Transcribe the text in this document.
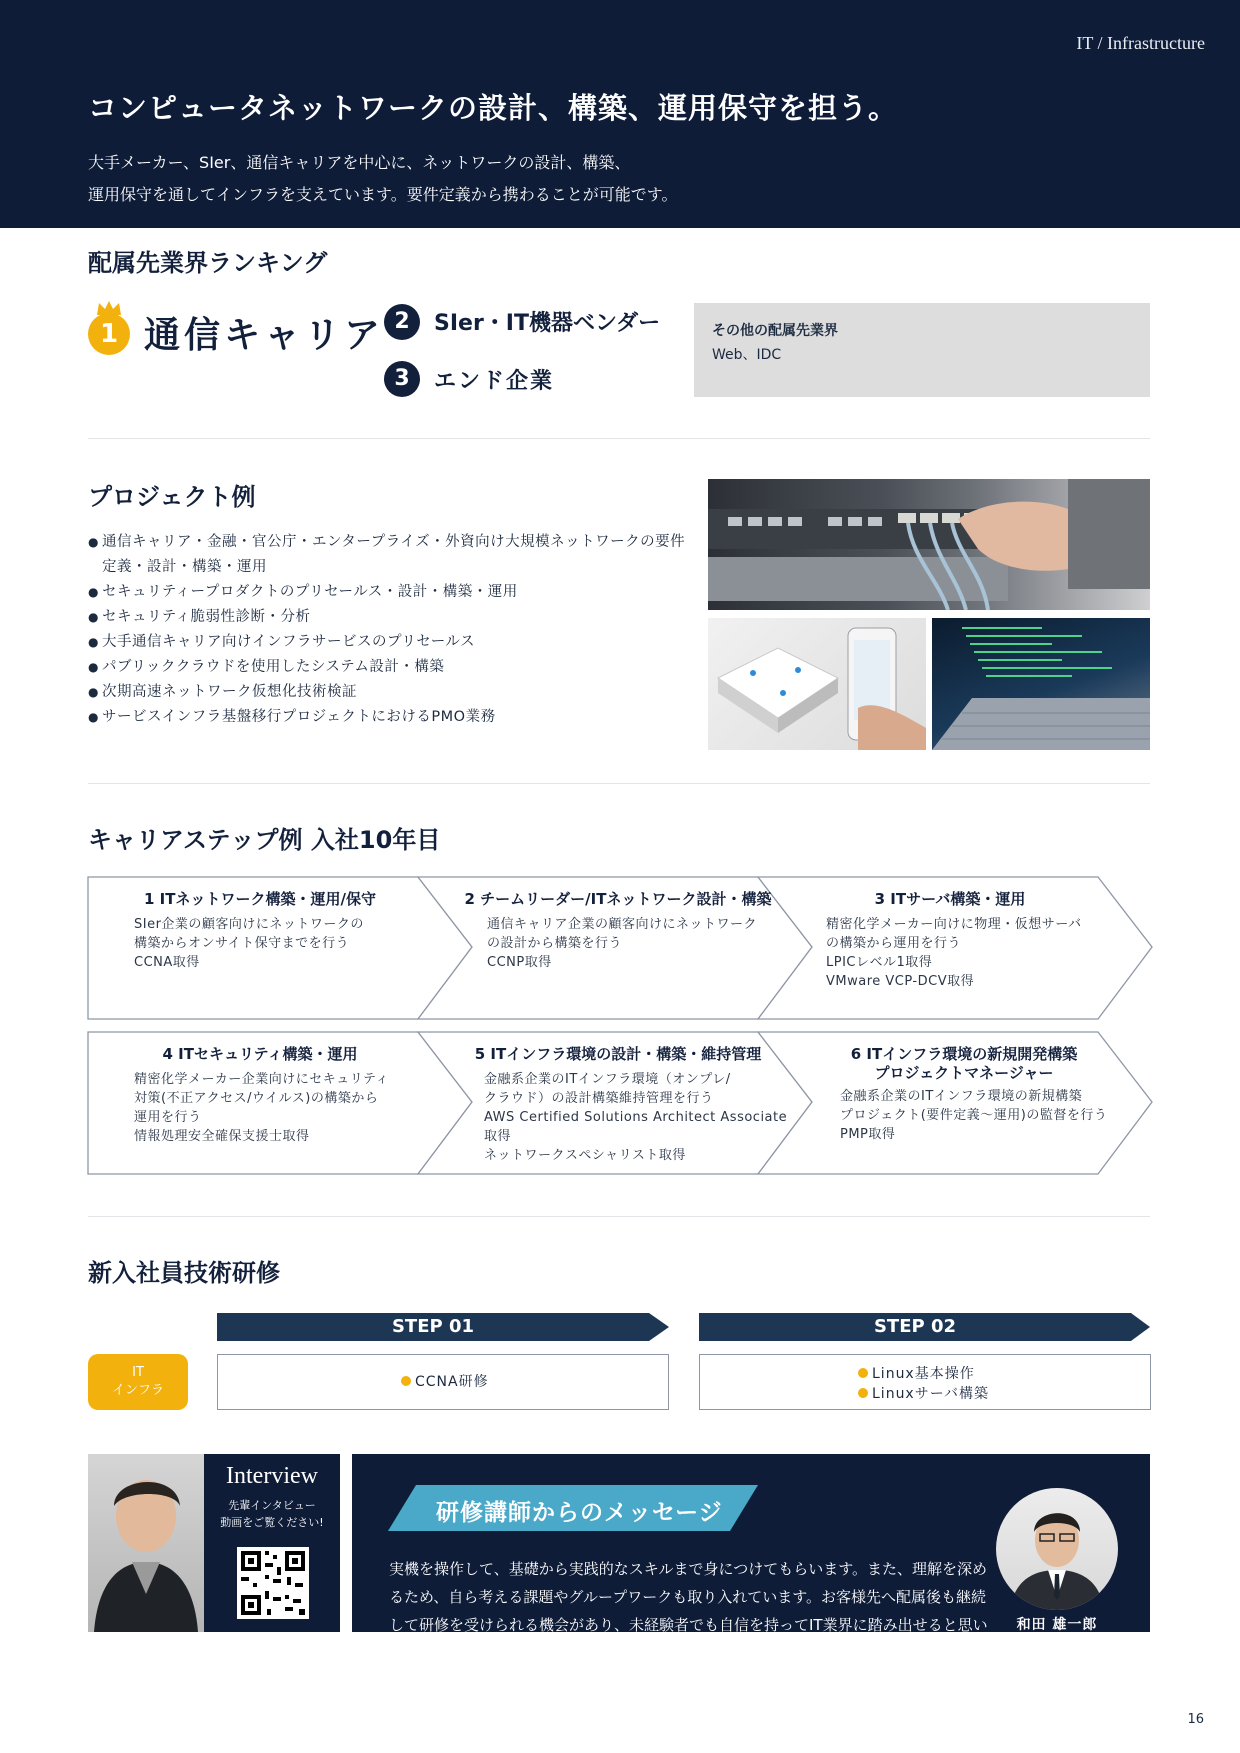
IT / Infrastructure
コンピュータネットワークの設計、構築、運用保守を担う。
大手メーカー、SIer、通信キャリアを中心に、ネットワークの設計、構築、
運用保守を通してインフラを支えています。要件定義から携わることが可能です。
配属先業界ランキング
1 通信キャリア 2	SIer・IT機器ベンダー
3	エンド企業
その他の配属先業界
Web、IDC
プロジェクト例
● 通信キャリア・金融・官公庁・エンタープライズ・外資向け大規模ネットワークの要件定義・設計・構築・運用
● セキュリティープロダクトのプリセールス・設計・構築・運用
● セキュリティ脆弱性診断・分析
● 大手通信キャリア向けインフラサービスのプリセールス
● パブリッククラウドを使用したシステム設計・構築
● 次期高速ネットワーク仮想化技術検証
● サービスインフラ基盤移行プロジェクトにおけるPMO業務
キャリアステップ例 入社10年目
1 ITネットワーク構築・運用/保守
SIer企業の顧客向けにネットワークの
構築からオンサイト保守までを行う
CCNA取得
2 チームリーダー/ITネットワーク設計・構築
通信キャリア企業の顧客向けにネットワーク
の設計から構築を行う
CCNP取得
3 ITサーバ構築・運用
精密化学メーカー向けに物理・仮想サーバ
の構築から運用を行う
LPICレベル1取得
VMware VCP-DCV取得
4 ITセキュリティ構築・運用
精密化学メーカー企業向けにセキュリティ
対策(不正アクセス/ウイルス)の構築から
運用を行う
情報処理安全確保支援士取得
5 ITインフラ環境の設計・構築・維持管理
金融系企業のITインフラ環境（オンプレ/
クラウド）の設計構築維持管理を行う
AWS Certified Solutions Architect Associate
取得
ネットワークスペシャリスト取得
6 ITインフラ環境の新規開発構築
プロジェクトマネージャー
金融系企業のITインフラ環境の新規構築
プロジェクト(要件定義～運用)の監督を行う
PMP取得
新入社員技術研修
IT
インフラ
STEP 01
CCNA研修
STEP 02
Linux基本操作
Linuxサーバ構築
Interview
先輩インタビュー
動画をご覧ください!
諸井 大輔
研修講師からのメッセージ
実機を操作して、基礎から実践的なスキルまで身につけてもらいます。また、理解を深めるため、自ら考える課題やグループワークも取り入れています。お客様先へ配属後も継続して研修を受けられる機会があり、未経験者でも自信を持ってIT業界に踏み出せると思います。
和田 雄一郎
16
